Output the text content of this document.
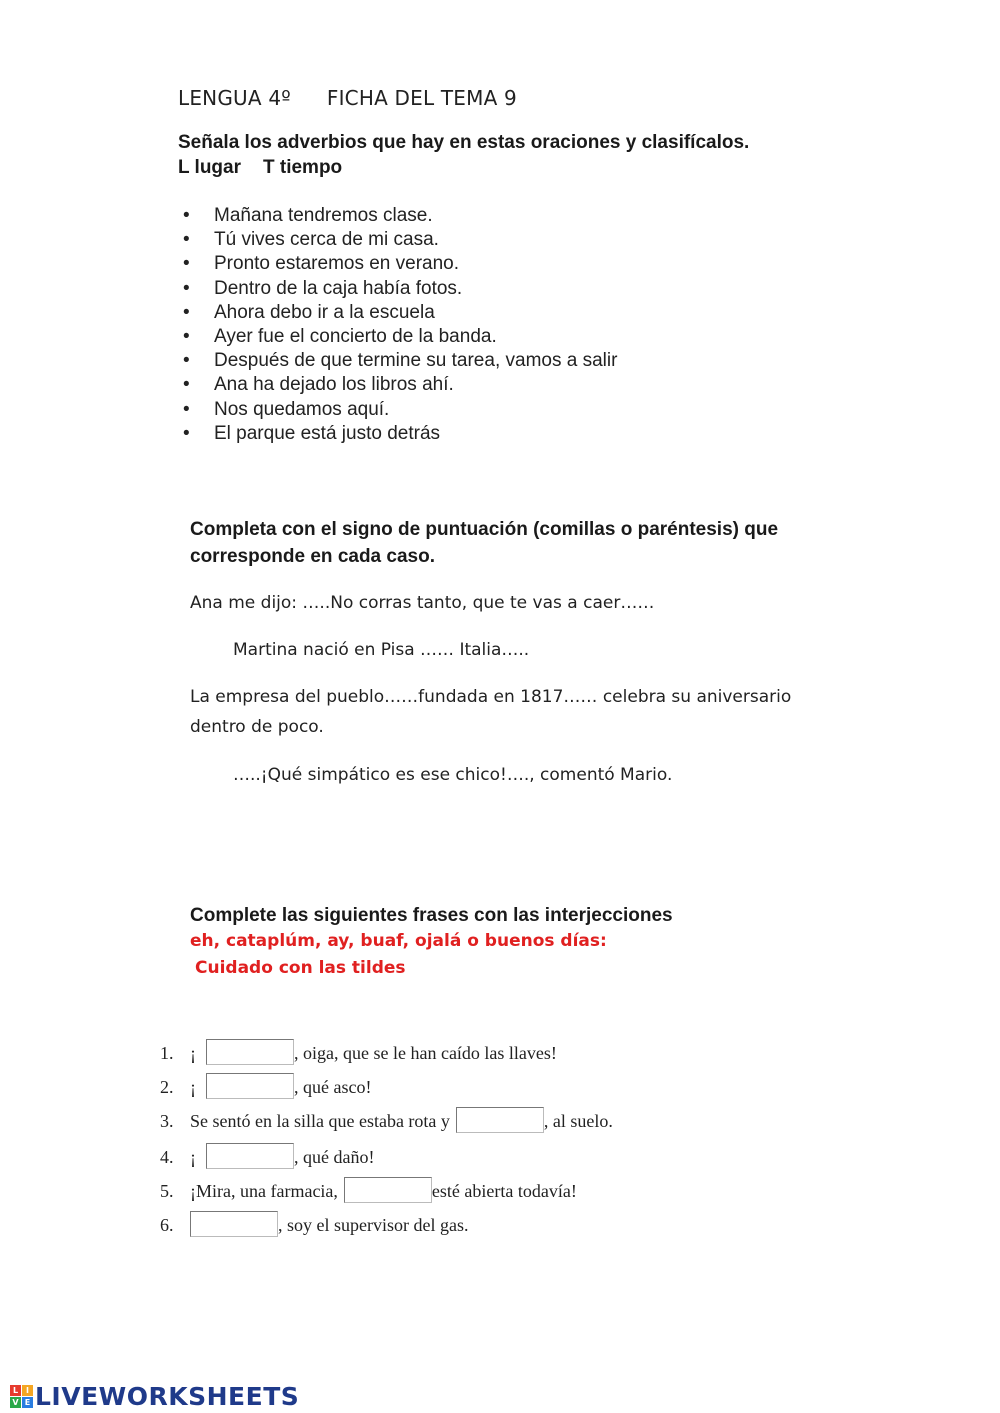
LENGUA 4º FICHA DEL TEMA 9
Señala los adverbios que hay en estas oraciones y clasifícalos.
L lugar T tiempo
• Mañana tendremos clase.
• Tú vives cerca de mi casa.
• Pronto estaremos en verano.
• Dentro de la caja había fotos.
• Ahora debo ir a la escuela
• Ayer fue el concierto de la banda.
• Después de que termine su tarea, vamos a salir
• Ana ha dejado los libros ahí.
• Nos quedamos aquí.
• El parque está justo detrás
Completa con el signo de puntuación (comillas o paréntesis) que
corresponde en cada caso.
Ana me dijo: …..No corras tanto, que te vas a caer……
Martina nació en Pisa …… Italia…..
La empresa del pueblo……fundada en 1817…… celebra su aniversario
dentro de poco.
…..¡Qué simpático es ese chico!…., comentó Mario.
Complete las siguientes frases con las interjecciones
eh, cataplúm, ay, buaf, ojalá o buenos días:
Cuidado con las tildes
1. ¡	, oiga, que se le han caído las llaves!
2. ¡	, qué asco!
3. Se sentó en la silla que estaba rota y	, al suelo.
4. ¡	, qué daño!
5. ¡Mira, una farmacia,	esté abierta todavía!
6.	, soy el supervisor del gas.
L I
V E LIVEWORKSHEETS
